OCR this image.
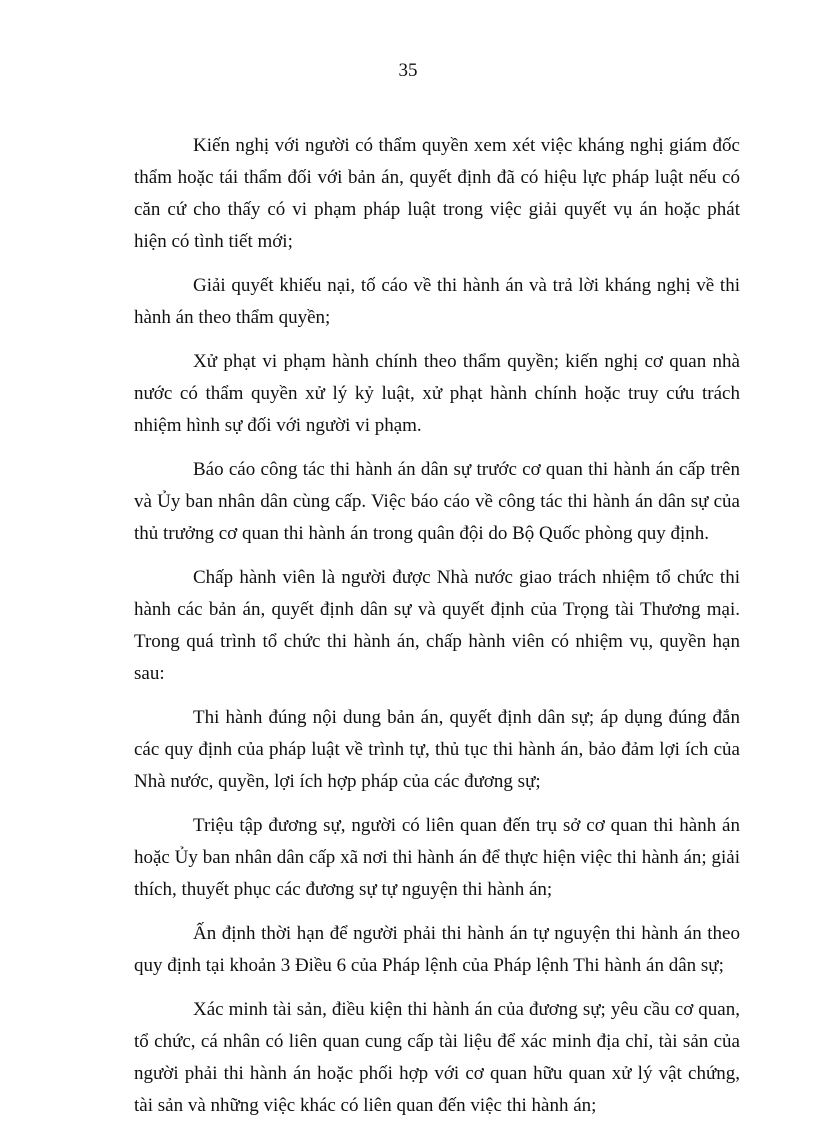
35

Kiến nghị với người có thẩm quyền xem xét việc kháng nghị giám đốc thẩm hoặc tái thẩm đối với bản án, quyết định đã có hiệu lực pháp luật nếu có căn cứ cho thấy có vi phạm pháp luật trong việc giải quyết vụ án hoặc phát hiện có tình tiết mới;

Giải quyết khiếu nại, tố cáo về thi hành án và trả lời kháng nghị về thi hành án theo thẩm quyền;

Xử phạt vi phạm hành chính theo thẩm quyền; kiến nghị cơ quan nhà nước có thẩm quyền xử lý kỷ luật, xử phạt hành chính hoặc truy cứu trách nhiệm hình sự đối với người vi phạm.

Báo cáo công tác thi hành án dân sự trước cơ quan thi hành án cấp trên và Ủy ban nhân dân cùng cấp. Việc báo cáo về công tác thi hành án dân sự của thủ trưởng cơ quan thi hành án trong quân đội do Bộ Quốc phòng quy định.

Chấp hành viên là người được Nhà nước giao trách nhiệm tổ chức thi hành các bản án, quyết định dân sự và quyết định của Trọng tài Thương mại. Trong quá trình tổ chức thi hành án, chấp hành viên có nhiệm vụ, quyền hạn sau:

Thi hành đúng nội dung bản án, quyết định dân sự; áp dụng đúng đắn các quy định của pháp luật về trình tự, thủ tục thi hành án, bảo đảm lợi ích của Nhà nước, quyền, lợi ích hợp pháp của các đương sự;

Triệu tập đương sự, người có liên quan đến trụ sở cơ quan thi hành án hoặc Ủy ban nhân dân cấp xã nơi thi hành án để thực hiện việc thi hành án; giải thích, thuyết phục các đương sự tự nguyện thi hành án;

Ấn định thời hạn để người phải thi hành án tự nguyện thi hành án theo quy định tại khoản 3 Điều 6 của Pháp lệnh của Pháp lệnh Thi hành án dân sự;

Xác minh tài sản, điều kiện thi hành án của đương sự; yêu cầu cơ quan, tổ chức, cá nhân có liên quan cung cấp tài liệu để xác minh địa chỉ, tài sản của người phải thi hành án hoặc phối hợp với cơ quan hữu quan xử lý vật chứng, tài sản và những việc khác có liên quan đến việc thi hành án;
